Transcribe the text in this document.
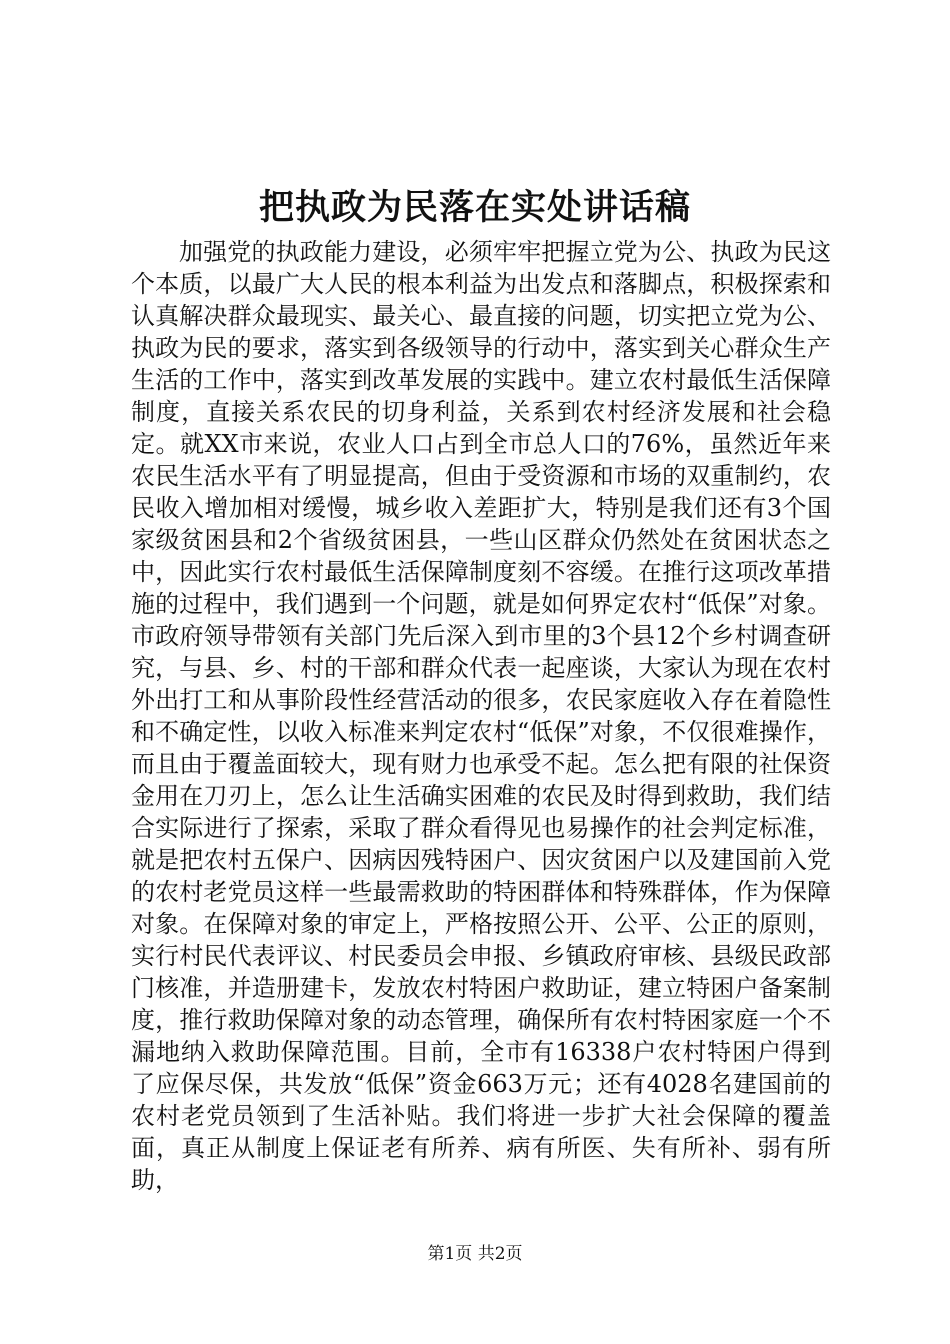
把执政为民落在实处讲话稿

加强党的执政能力建设，必须牢牢把握立党为公、执政为民这个本质，以最广大人民的根本利益为出发点和落脚点，积极探索和认真解决群众最现实、最关心、最直接的问题，切实把立党为公、执政为民的要求，落实到各级领导的行动中，落实到关心群众生产生活的工作中，落实到改革发展的实践中。建立农村最低生活保障制度，直接关系农民的切身利益，关系到农村经济发展和社会稳定。就XX市来说，农业人口占到全市总人口的76%，虽然近年来农民生活水平有了明显提高，但由于受资源和市场的双重制约，农民收入增加相对缓慢，城乡收入差距扩大，特别是我们还有3个国家级贫困县和2个省级贫困县，一些山区群众仍然处在贫困状态之中，因此实行农村最低生活保障制度刻不容缓。在推行这项改革措施的过程中，我们遇到一个问题，就是如何界定农村“低保”对象。市政府领导带领有关部门先后深入到市里的3个县12个乡村调查研究，与县、乡、村的干部和群众代表一起座谈，大家认为现在农村外出打工和从事阶段性经营活动的很多，农民家庭收入存在着隐性和不确定性，以收入标准来判定农村“低保”对象，不仅很难操作，而且由于覆盖面较大，现有财力也承受不起。怎么把有限的社保资金用在刀刃上，怎么让生活确实困难的农民及时得到救助，我们结合实际进行了探索，采取了群众看得见也易操作的社会判定标准，就是把农村五保户、因病因残特困户、因灾贫困户以及建国前入党的农村老党员这样一些最需救助的特困群体和特殊群体，作为保障对象。在保障对象的审定上，严格按照公开、公平、公正的原则，实行村民代表评议、村民委员会申报、乡镇政府审核、县级民政部门核准，并造册建卡，发放农村特困户救助证，建立特困户备案制度，推行救助保障对象的动态管理，确保所有农村特困家庭一个不漏地纳入救助保障范围。目前，全市有16338户农村特困户得到了应保尽保，共发放“低保”资金663万元；还有4028名建国前的农村老党员领到了生活补贴。我们将进一步扩大社会保障的覆盖面，真正从制度上保证老有所养、病有所医、失有所补、弱有所助，

第1页 共2页
